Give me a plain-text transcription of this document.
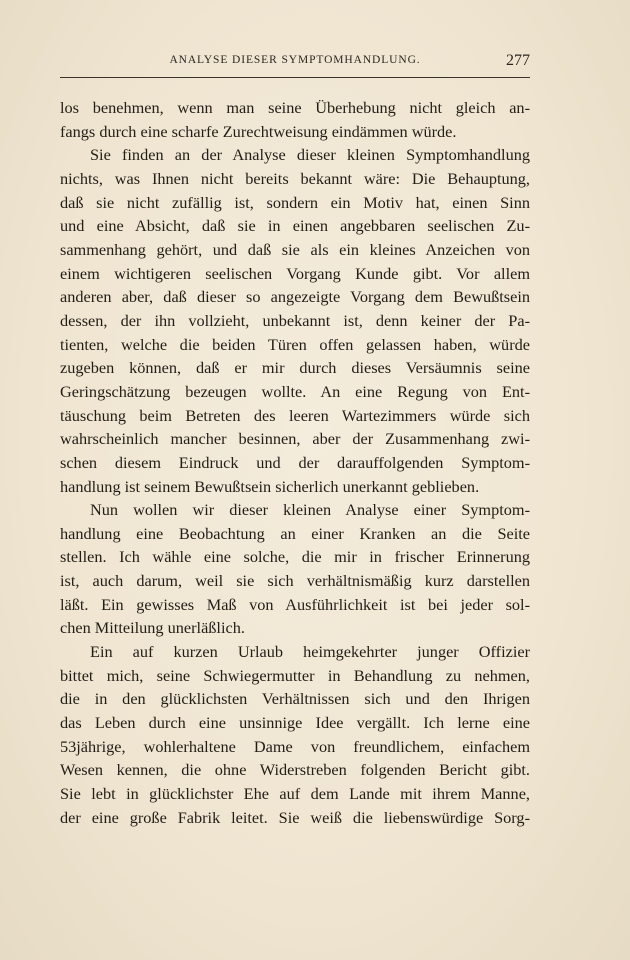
ANALYSE DIESER SYMPTOMHANDLUNG.	277
los benehmen, wenn man seine Überhebung nicht gleich an-
fangs durch eine scharfe Zurechtweisung eindämmen würde.
Sie finden an der Analyse dieser kleinen Symptomhandlung
nichts, was Ihnen nicht bereits bekannt wäre: Die Behauptung,
daß sie nicht zufällig ist, sondern ein Motiv hat, einen Sinn
und eine Absicht, daß sie in einen angebbaren seelischen Zu-
sammenhang gehört, und daß sie als ein kleines Anzeichen von
einem wichtigeren seelischen Vorgang Kunde gibt. Vor allem
anderen aber, daß dieser so angezeigte Vorgang dem Bewußtsein
dessen, der ihn vollzieht, unbekannt ist, denn keiner der Pa-
tienten, welche die beiden Türen offen gelassen haben, würde
zugeben können, daß er mir durch dieses Versäumnis seine
Geringschätzung bezeugen wollte. An eine Regung von Ent-
täuschung beim Betreten des leeren Wartezimmers würde sich
wahrscheinlich mancher besinnen, aber der Zusammenhang zwi-
schen diesem Eindruck und der darauffolgenden Symptom-
handlung ist seinem Bewußtsein sicherlich unerkannt geblieben.
Nun wollen wir dieser kleinen Analyse einer Symptom-
handlung eine Beobachtung an einer Kranken an die Seite
stellen. Ich wähle eine solche, die mir in frischer Erinnerung
ist, auch darum, weil sie sich verhältnismäßig kurz darstellen
läßt. Ein gewisses Maß von Ausführlichkeit ist bei jeder sol-
chen Mitteilung unerläßlich.
Ein auf kurzen Urlaub heimgekehrter junger Offizier
bittet mich, seine Schwiegermutter in Behandlung zu nehmen,
die in den glücklichsten Verhältnissen sich und den Ihrigen
das Leben durch eine unsinnige Idee vergällt. Ich lerne eine
53jährige, wohlerhaltene Dame von freundlichem, einfachem
Wesen kennen, die ohne Widerstreben folgenden Bericht gibt.
Sie lebt in glücklichster Ehe auf dem Lande mit ihrem Manne,
der eine große Fabrik leitet. Sie weiß die liebenswürdige Sorg-
